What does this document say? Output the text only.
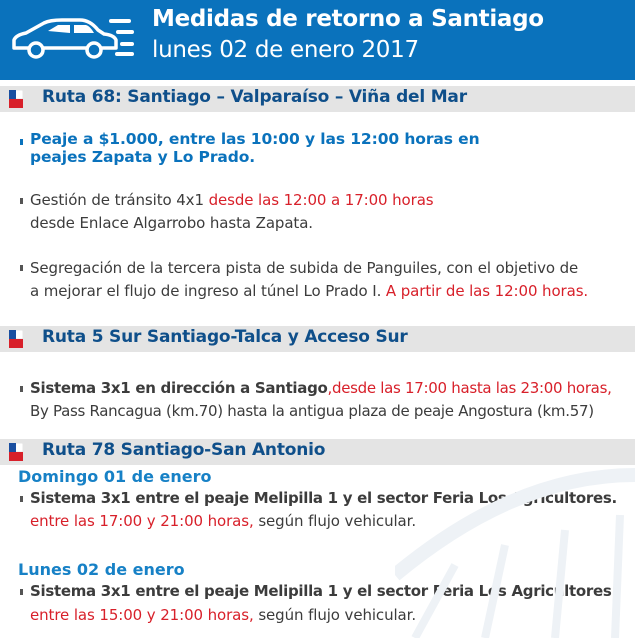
Medidas de retorno a Santiago
lunes 02 de enero 2017
Ruta 68: Santiago – Valparaíso – Viña del Mar
Peaje a $1.000, entre las 10:00 y las 12:00 horas en
peajes Zapata y Lo Prado.
Gestión de tránsito 4x1 desde las 12:00 a 17:00 horas
desde Enlace Algarrobo hasta Zapata.
Segregación de la tercera pista de subida de Panguiles, con el objetivo de
a mejorar el flujo de ingreso al túnel Lo Prado I. A partir de las 12:00 horas.
Ruta 5 Sur Santiago-Talca y Acceso Sur
Sistema 3x1 en dirección a Santiago,desde las 17:00 hasta las 23:00 horas,
By Pass Rancagua (km.70) hasta la antigua plaza de peaje Angostura (km.57)
Ruta 78 Santiago-San Antonio
Domingo 01 de enero
Sistema 3x1 entre el peaje Melipilla 1 y el sector Feria Los Agricultores.
entre las 17:00 y 21:00 horas, según flujo vehicular.
Lunes 02 de enero
Sistema 3x1 entre el peaje Melipilla 1 y el sector Feria Los Agricultores.
entre las 15:00 y 21:00 horas, según flujo vehicular.
